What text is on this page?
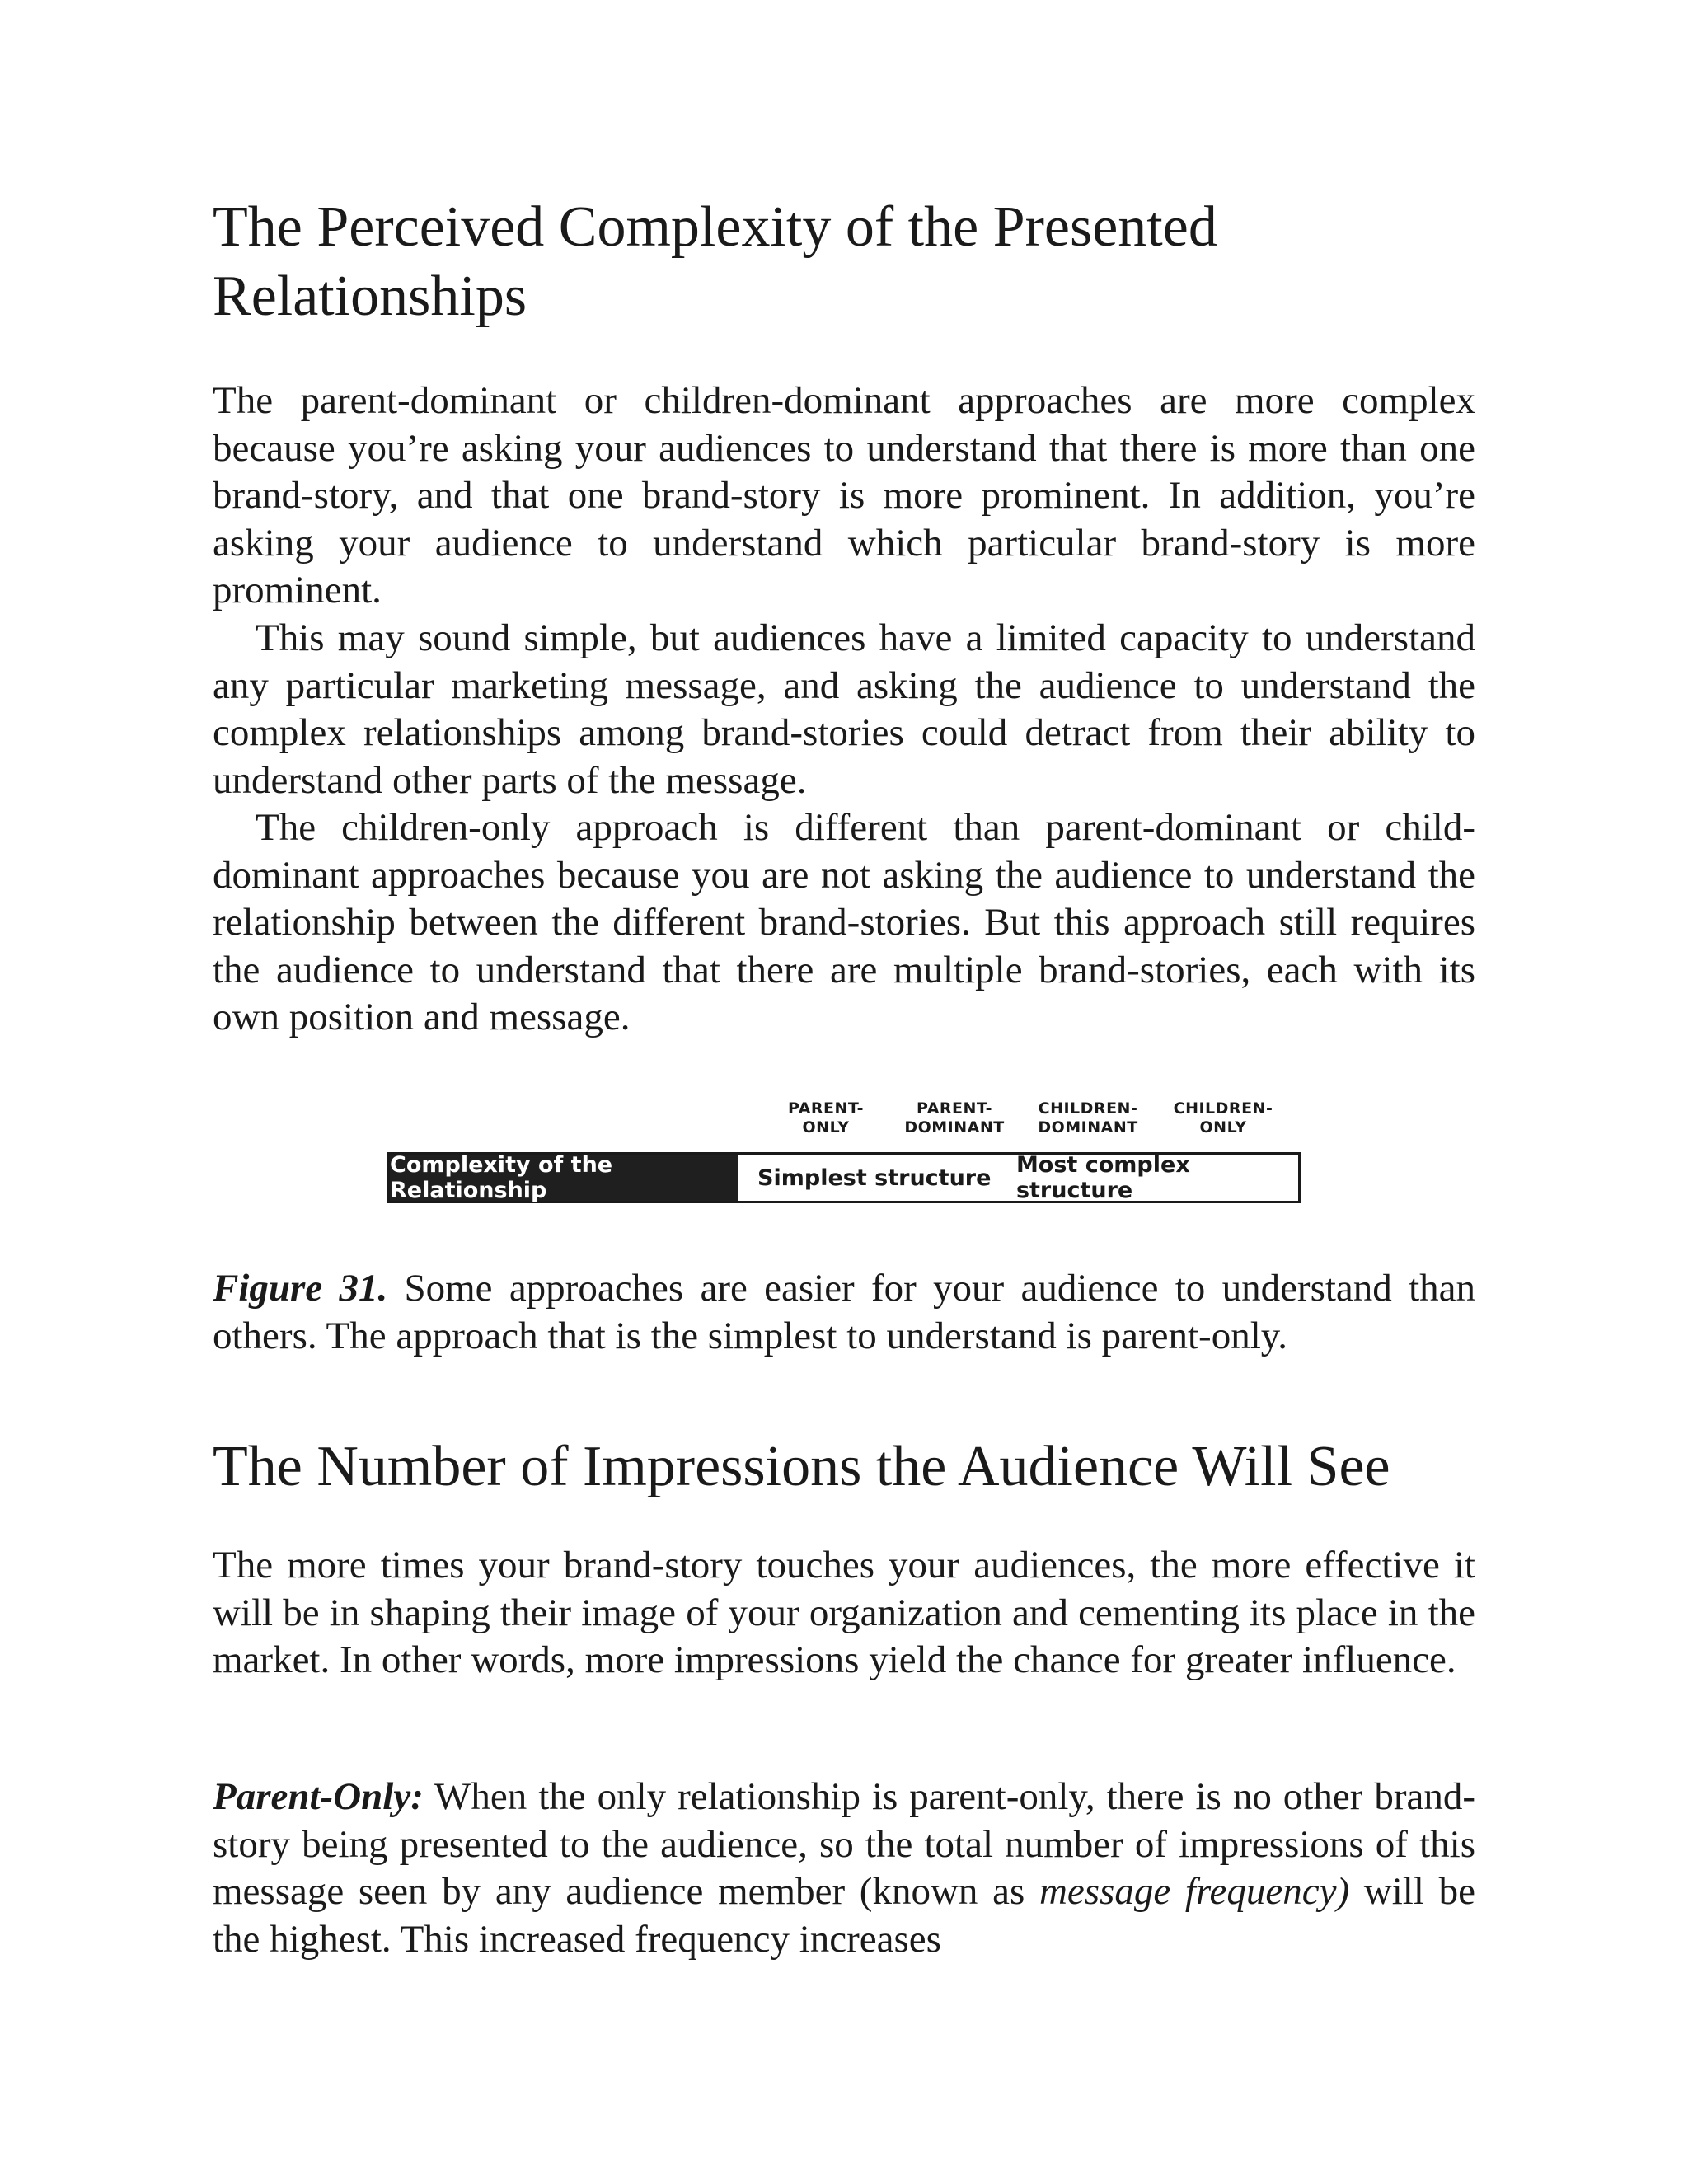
The Perceived Complexity of the Presented
Relationships

The parent-dominant or children-dominant approaches are more complex because you’re asking your audiences to understand that there is more than one brand-story, and that one brand-story is more prominent. In addition, you’re asking your audience to understand which particular brand-story is more prominent.

This may sound simple, but audiences have a limited capacity to understand any particular marketing message, and asking the audience to understand the complex relationships among brand-stories could detract from their ability to understand other parts of the message.

The children-only approach is different than parent-dominant or child-dominant approaches because you are not asking the audience to understand the relationship between the different brand-stories. But this approach still requires the audience to understand that there are multiple brand-stories, each with its own position and message.

PARENT-
ONLY
PARENT-
DOMINANT
CHILDREN-
DOMINANT
CHILDREN-
ONLY
Complexity of the Relationship	Simplest structure	Most complex structure

Figure 31. Some approaches are easier for your audience to understand than others. The approach that is the simplest to understand is parent-only.

The Number of Impressions the Audience Will See

The more times your brand-story touches your audiences, the more effective it will be in shaping their image of your organization and cementing its place in the market. In other words, more impressions yield the chance for greater influence.

Parent-Only: When the only relationship is parent-only, there is no other brand-story being presented to the audience, so the total number of impressions of this message seen by any audience member (known as message frequency) will be the highest. This increased frequency increases
